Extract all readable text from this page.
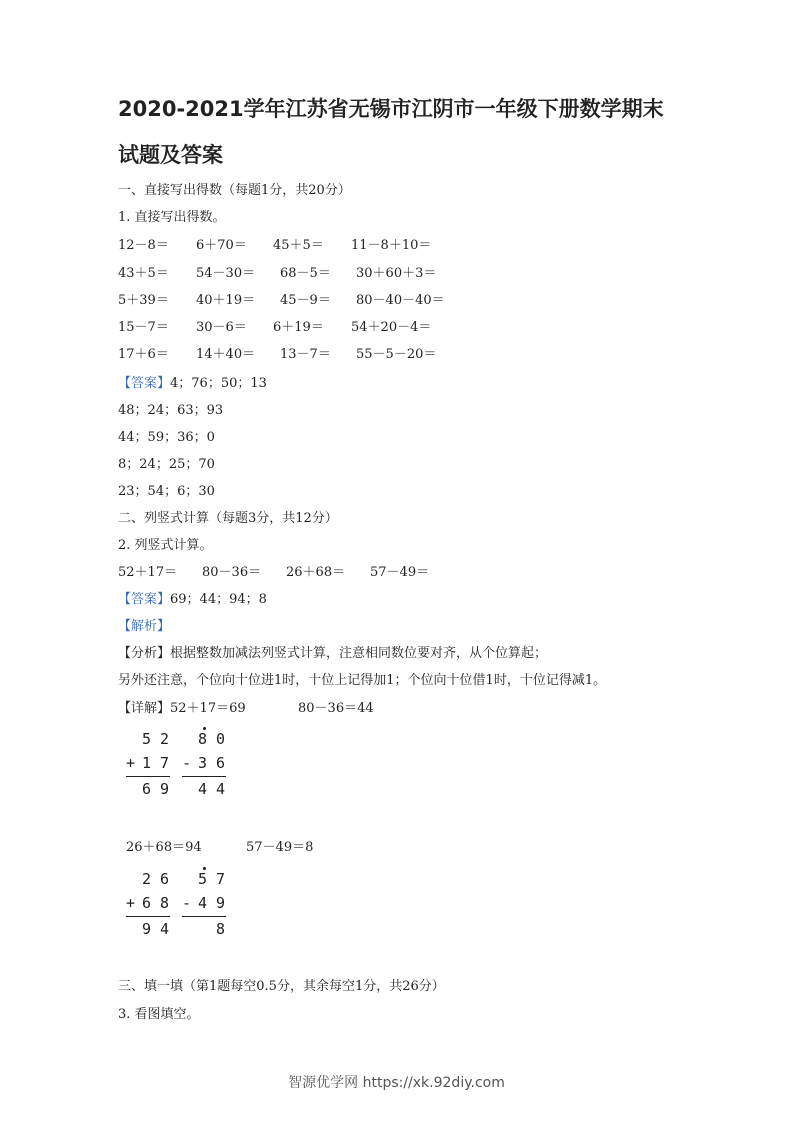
2020-2021学年江苏省无锡市江阴市一年级下册数学期末试题及答案
一、直接写出得数（每题1分，共20分）
1. 直接写出得数。
12－8＝ 6＋70＝ 45＋5＝ 11－8＋10＝
43＋5＝ 54－30＝ 68－5＝ 30＋60＋3＝
5＋39＝ 40＋19＝ 45－9＝ 80－40－40＝
15－7＝ 30－6＝ 6＋19＝ 54＋20－4＝
17＋6＝ 14＋40＝ 13－7＝ 55－5－20＝
【答案】4；76；50；13
48；24；63；93
44；59；36；0
8；24；25；70
23；54；6；30
二、列竖式计算（每题3分，共12分）
2. 列竖式计算。
52＋17＝ 80－36＝ 26＋68＝ 57－49＝
【答案】69；44；94；8
【解析】
【分析】根据整数加减法列竖式计算，注意相同数位要对齐，从个位算起；
另外还注意，个位向十位进1时，十位上记得加1；个位向十位借1时，十位记得减1。
【详解】52＋17＝69	80－36＝44
5 2
+ 1 7
6 9
8 0
- 3 6
4 4
26＋68＝94	57－49＝8
2 6
+ 6 8
9 4
5 7
- 4 9
8
三、填一填（第1题每空0.5分，其余每空1分，共26分）
3. 看图填空。
智源优学网 https://xk.92diy.com
